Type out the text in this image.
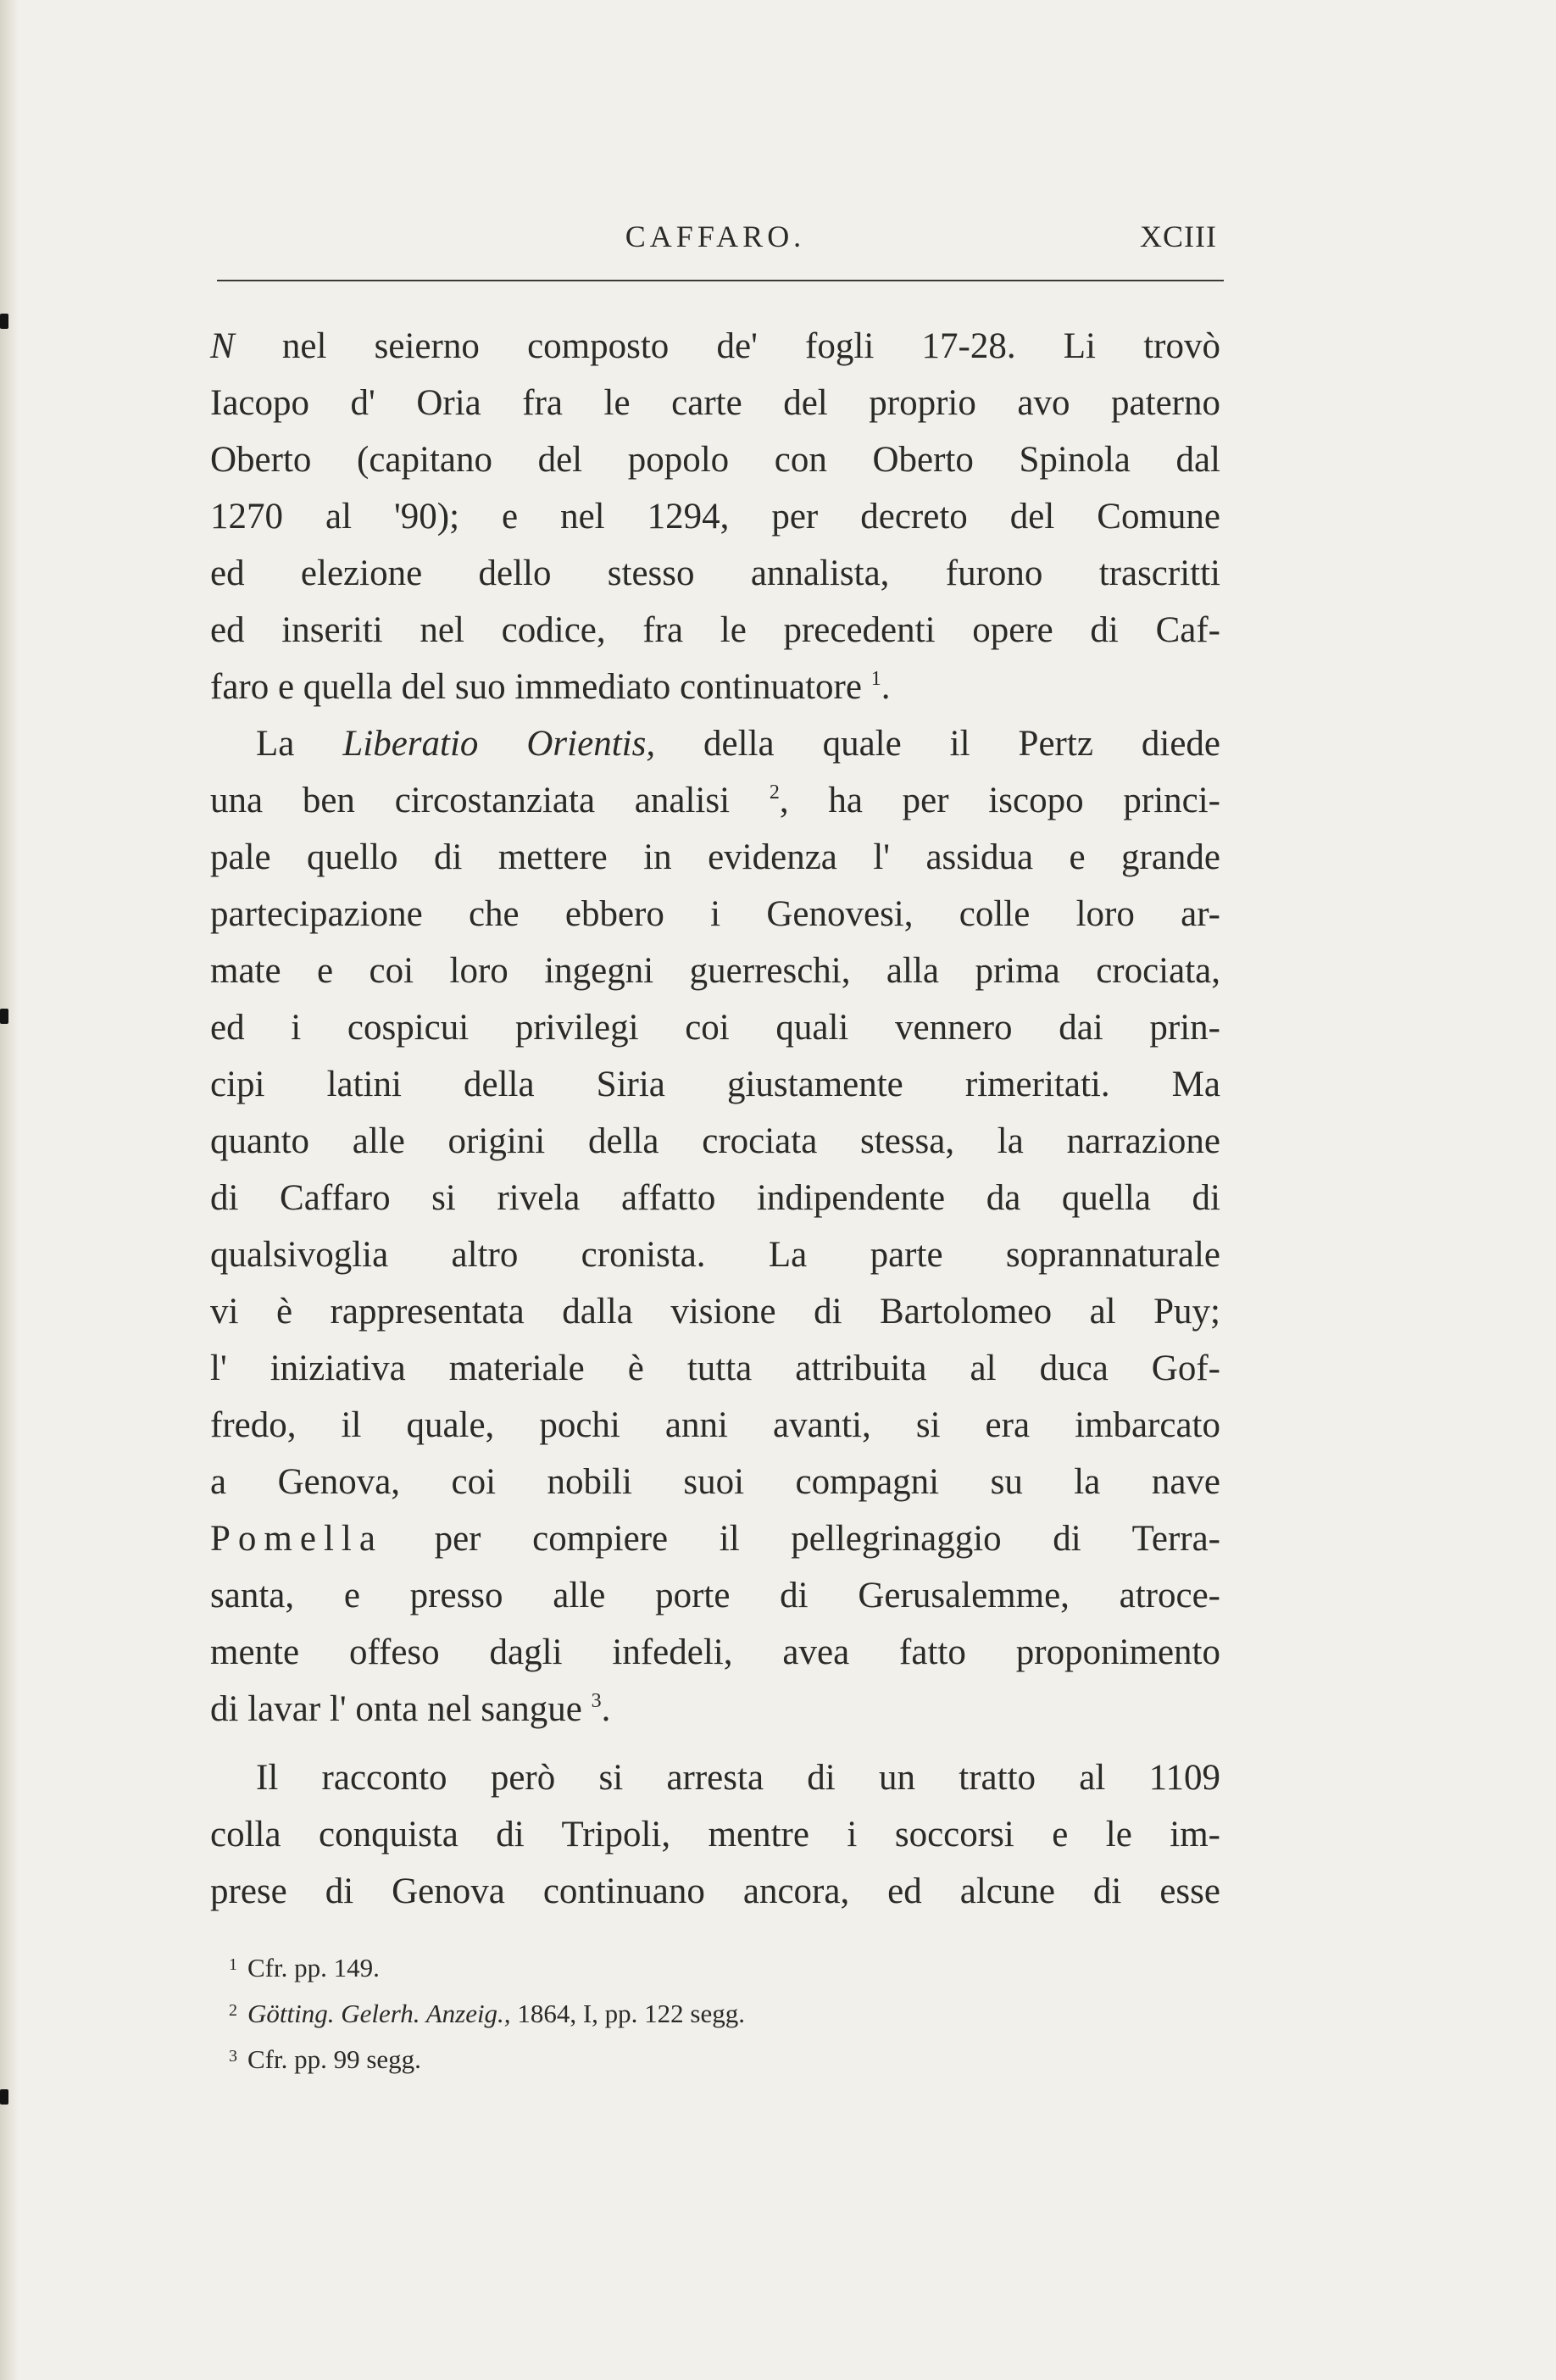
CAFFARO.	XCIII
N nel seierno composto de' fogli 17-28. Li trovò
Iacopo d' Oria fra le carte del proprio avo paterno
Oberto (capitano del popolo con Oberto Spinola dal
1270 al '90); e nel 1294, per decreto del Comune
ed elezione dello stesso annalista, furono trascritti
ed inseriti nel codice, fra le precedenti opere di Caf-
faro e quella del suo immediato continuatore $^1$.
La Liberatio Orientis, della quale il Pertz diede
una ben circostanziata analisi $^2$, ha per iscopo princi-
pale quello di mettere in evidenza l' assidua e grande
partecipazione che ebbero i Genovesi, colle loro ar-
mate e coi loro ingegni guerreschi, alla prima crociata,
ed i cospicui privilegi coi quali vennero dai prin-
cipi latini della Siria giustamente rimeritati. Ma
quanto alle origini della crociata stessa, la narrazione
di Caffaro si rivela affatto indipendente da quella di
qualsivoglia altro cronista. La parte soprannaturale
vi è rappresentata dalla visione di Bartolomeo al Puy;
l' iniziativa materiale è tutta attribuita al duca Gof-
fredo, il quale, pochi anni avanti, si era imbarcato
a Genova, coi nobili suoi compagni su la nave
Pomella per compiere il pellegrinaggio di Terra-
santa, e presso alle porte di Gerusalemme, atroce-
mente offeso dagli infedeli, avea fatto proponimento
di lavar l' onta nel sangue $^3$.
Il racconto però si arresta di un tratto al 1109
colla conquista di Tripoli, mentre i soccorsi e le im-
prese di Genova continuano ancora, ed alcune di esse
$^1$ Cfr. pp. 149.
$^2$ Götting. Gelerh. Anzeig., 1864, I, pp. 122 segg.
$^3$ Cfr. pp. 99 segg.
